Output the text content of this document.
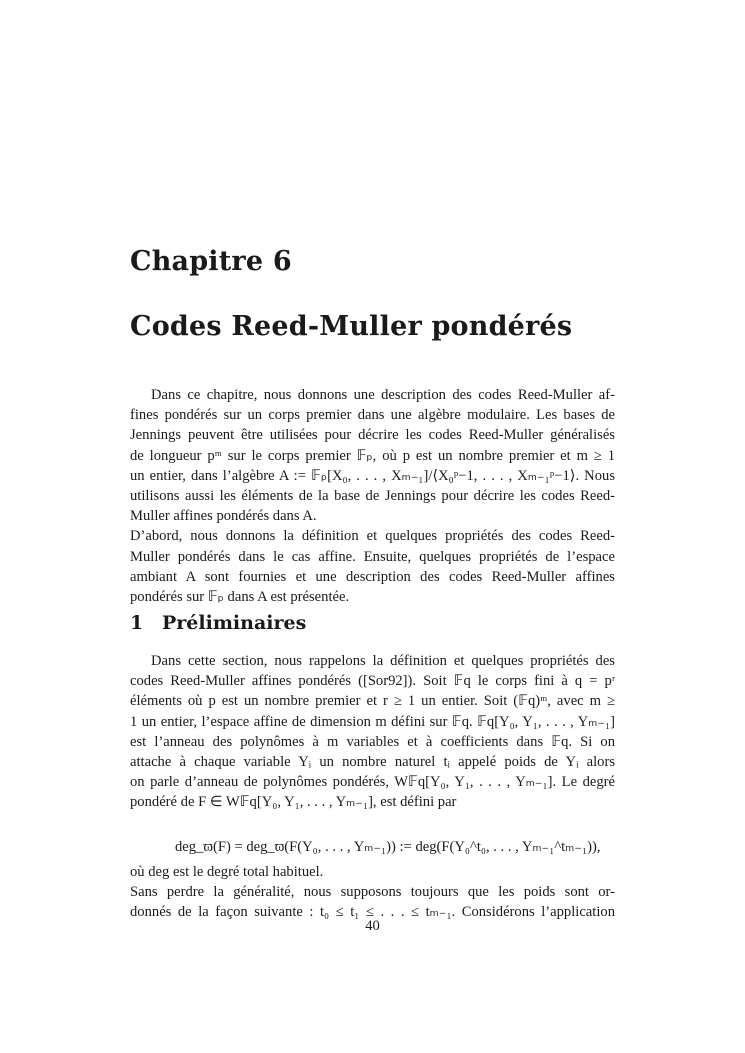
Chapitre 6
Codes Reed-Muller pondérés
Dans ce chapitre, nous donnons une description des codes Reed-Muller af-
fines pondérés sur un corps premier dans une algèbre modulaire. Les bases de
Jennings peuvent être utilisées pour décrire les codes Reed-Muller généralisés
de longueur pᵐ sur le corps premier 𝔽ₚ, où p est un nombre premier et m ≥ 1
un entier, dans l’algèbre A := 𝔽ₚ[X₀, . . . , Xₘ₋₁]/⟨X₀ᵖ−1, . . . , Xₘ₋₁ᵖ−1⟩. Nous
utilisons aussi les éléments de la base de Jennings pour décrire les codes Reed-
Muller affines pondérés dans A.
D’abord, nous donnons la définition et quelques propriétés des codes Reed-
Muller pondérés dans le cas affine. Ensuite, quelques propriétés de l’espace
ambiant A sont fournies et une description des codes Reed-Muller affines
pondérés sur 𝔽ₚ dans A est présentée.
1 Préliminaires
Dans cette section, nous rappelons la définition et quelques propriétés des
codes Reed-Muller affines pondérés ([Sor92]). Soit 𝔽q le corps fini à q = pʳ
éléments où p est un nombre premier et r ≥ 1 un entier. Soit (𝔽q)ᵐ, avec m ≥
1 un entier, l’espace affine de dimension m défini sur 𝔽q. 𝔽q[Y₀, Y₁, . . . , Yₘ₋₁]
est l’anneau des polynômes à m variables et à coefficients dans 𝔽q. Si on
attache à chaque variable Yᵢ un nombre naturel tᵢ appelé poids de Yᵢ alors
on parle d’anneau de polynômes pondérés, W𝔽q[Y₀, Y₁, . . . , Yₘ₋₁]. Le degré
pondéré de F ∈ W𝔽q[Y₀, Y₁, . . . , Yₘ₋₁], est défini par
deg_ϖ(F) = deg_ϖ(F(Y₀, . . . , Yₘ₋₁)) := deg(F(Y₀^t₀, . . . , Yₘ₋₁^tₘ₋₁)),
où deg est le degré total habituel.
Sans perdre la généralité, nous supposons toujours que les poids sont or-
donnés de la façon suivante : t₀ ≤ t₁ ≤ . . . ≤ tₘ₋₁. Considérons l’application
40
